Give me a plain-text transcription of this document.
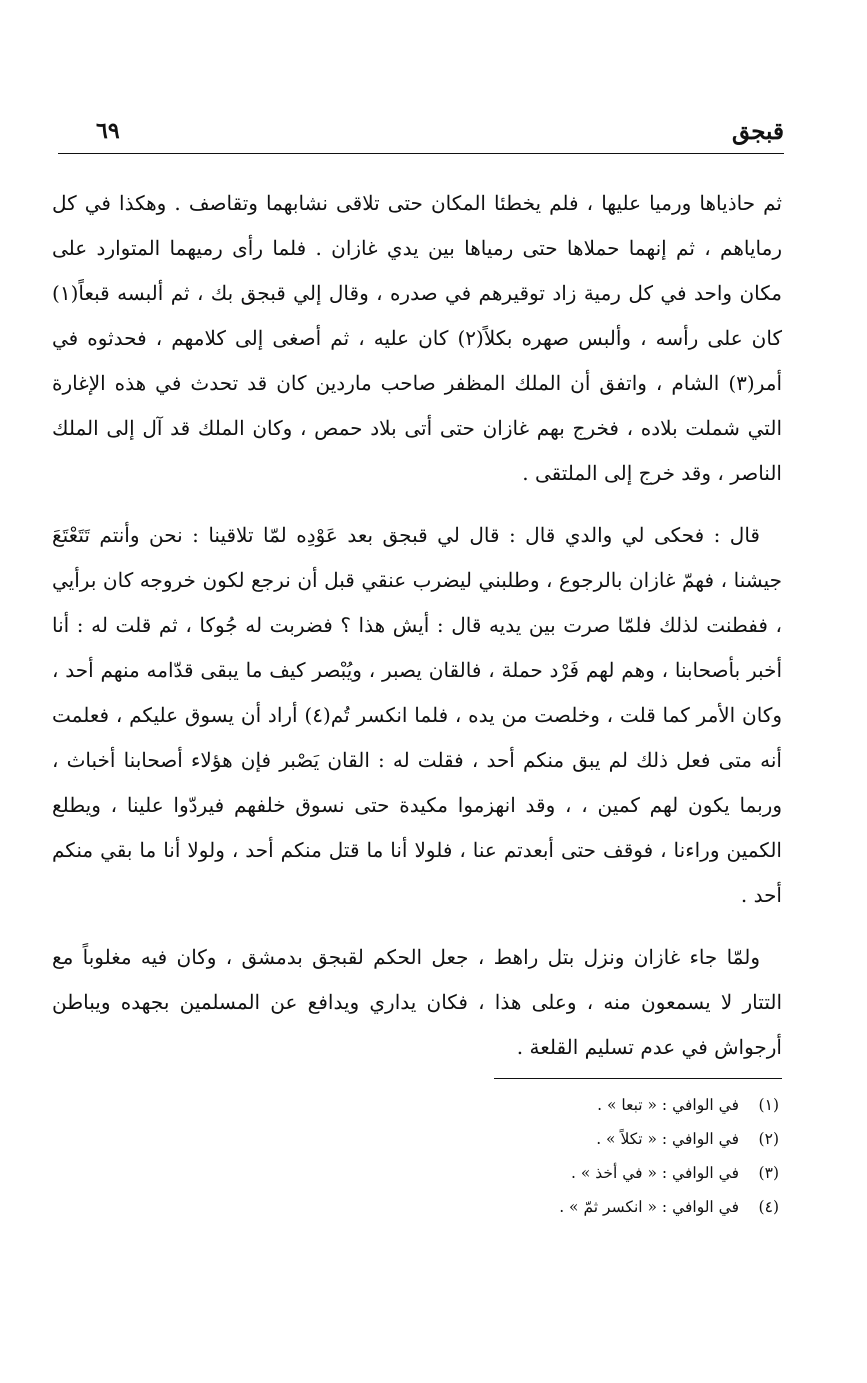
قبجق
٦٩

ثم حاذياها ورميا عليها ، فلم يخطئا المكان حتى تلاقى نشابهما وتقاصف . وهكذا في كل رماياهم ، ثم إنهما حملاها حتى رمياها بين يدي غازان . فلما رأى رميهما المتوارد على مكان واحد في كل رمية زاد توقيرهم في صدره ، وقال إلي قبجق بك ، ثم ألبسه قبعاً(١) كان على رأسه ، وألبس صهره بكلاً(٢) كان عليه ، ثم أصغى إلى كلامهم ، فحدثوه في أمر(٣) الشام ، واتفق أن الملك المظفر صاحب ماردين كان قد تحدث في هذه الإغارة التي شملت بلاده ، فخرج بهم غازان حتى أتى بلاد حمص ، وكان الملك قد آل إلى الملك الناصر ، وقد خرج إلى الملتقى .

قال : فحكى لي والدي قال : قال لي قبجق بعد عَوْدِه لمّا تلاقينا : نحن وأنتم تَتَعْتَعَ جيشنا ، فهمّ غازان بالرجوع ، وطلبني ليضرب عنقي قبل أن نرجع لكون خروجه كان برأيي ، ففطنت لذلك فلمّا صرت بين يديه قال : أيش هذا ؟ فضربت له جُوكا ، ثم قلت له : أنا أخبر بأصحابنا ، وهم لهم فَرْد حملة ، فالقان يصبر ، ويُبْصر كيف ما يبقى قدّامه منهم أحد ، وكان الأمر كما قلت ، وخلصت من يده ، فلما انكسر تُم(٤) أراد أن يسوق عليكم ، فعلمت أنه متى فعل ذلك لم يبق منكم أحد ، فقلت له : القان يَصْبر فإن هؤلاء أصحابنا أخباث ، وربما يكون لهم كمين ، ، وقد انهزموا مكيدة حتى نسوق خلفهم فيردّوا علينا ، ويطلع الكمين وراءنا ، فوقف حتى أبعدتم عنا ، فلولا أنا ما قتل منكم أحد ، ولولا أنا ما بقي منكم أحد .

ولمّا جاء غازان ونزل بتل راهط ، جعل الحكم لقبجق بدمشق ، وكان فيه مغلوباً مع التتار لا يسمعون منه ، وعلى هذا ، فكان يداري ويدافع عن المسلمين بجهده ويباطن أرجواش في عدم تسليم القلعة .

(١)في الوافي : « تبعا » .
(٢)في الوافي : « تكلاً » .
(٣)في الوافي : « في أخذ » .
(٤)في الوافي : « انكسر ثمّ » .
